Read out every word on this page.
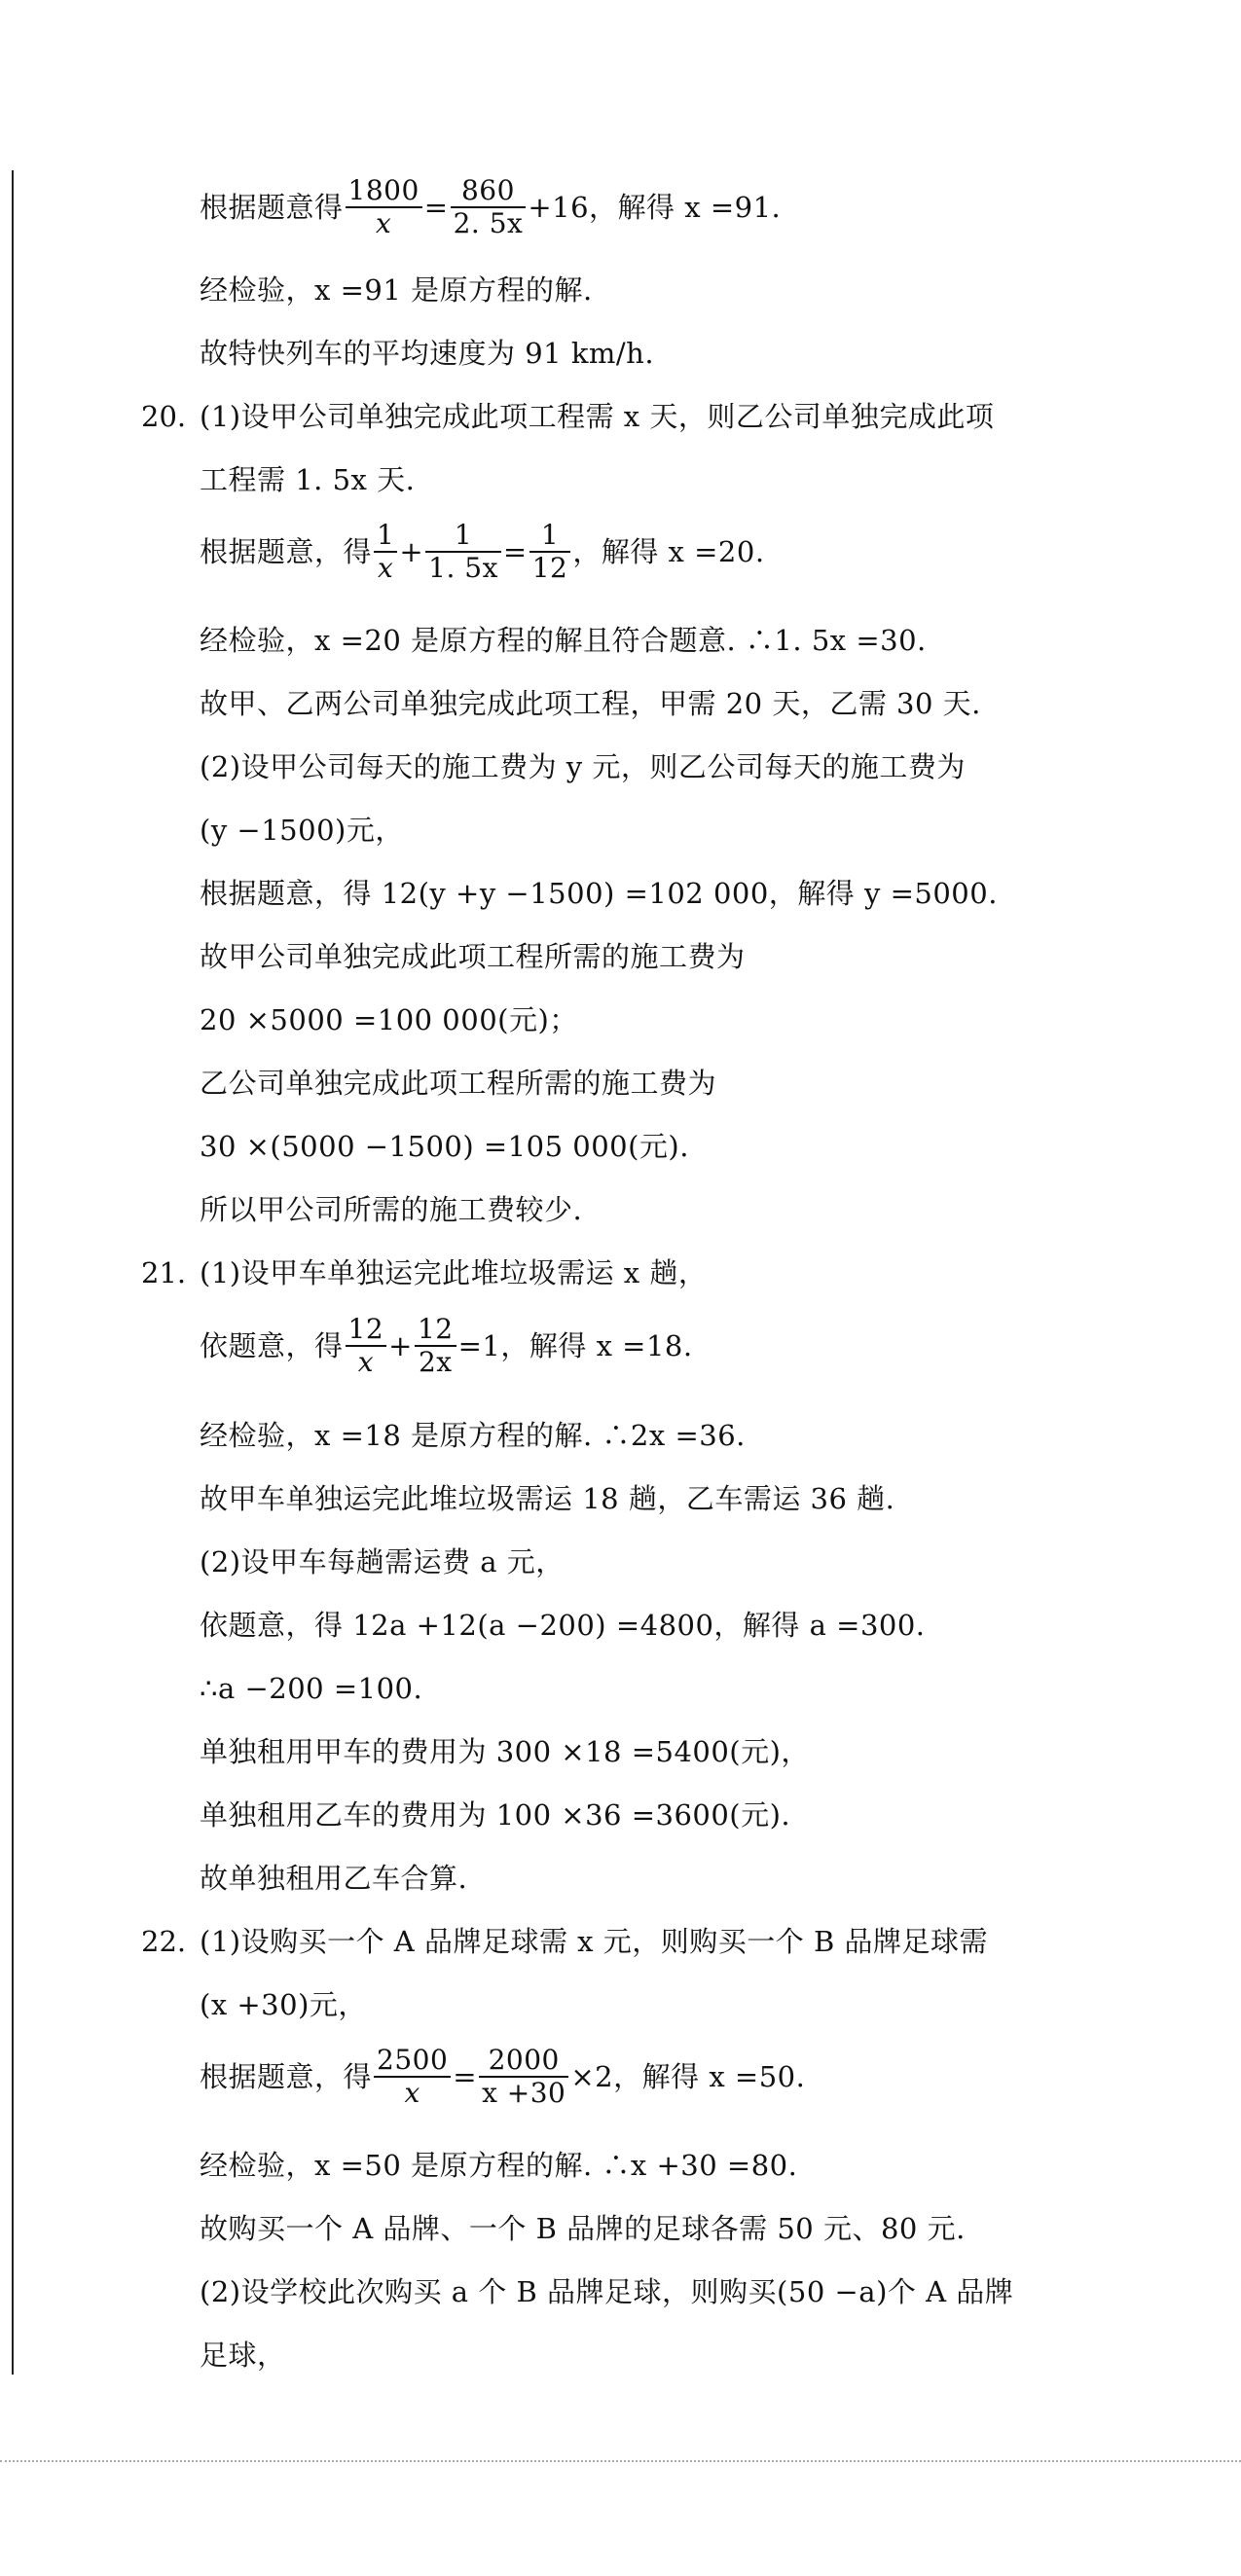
根据题意得 $\frac{1800}{x} = \frac{860}{2. 5x} +16$，解得 x =91.
经检验，x =91 是原方程的解.
故特快列车的平均速度为 91 km/h.
20. (1)设甲公司单独完成此项工程需 x 天，则乙公司单独完成此项
工程需 1. 5x 天.
根据题意，得 $\frac{1}{x} + \frac{1}{1. 5x} = \frac{1}{12}$ ，解得 x =20.
经检验，x =20 是原方程的解且符合题意. ∴1. 5x =30.
故甲、乙两公司单独完成此项工程，甲需 20 天，乙需 30 天.
(2)设甲公司每天的施工费为 y 元，则乙公司每天的施工费为
(y −1500)元，
根据题意，得 12(y +y −1500) =102 000，解得 y =5000.
故甲公司单独完成此项工程所需的施工费为
20 ×5000 =100 000(元)；
乙公司单独完成此项工程所需的施工费为
30 ×(5000 −1500) =105 000(元).
所以甲公司所需的施工费较少.
21. (1)设甲车单独运完此堆垃圾需运 x 趟，
依题意，得 $\frac{12}{x} + \frac{12}{2x} =1$，解得 x =18.
经检验，x =18 是原方程的解. ∴2x =36.
故甲车单独运完此堆垃圾需运 18 趟，乙车需运 36 趟.
(2)设甲车每趟需运费 a 元，
依题意，得 12a +12(a −200) =4800，解得 a =300.
∴a −200 =100.
单独租用甲车的费用为 300 ×18 =5400(元)，
单独租用乙车的费用为 100 ×36 =3600(元).
故单独租用乙车合算.
22. (1)设购买一个 A 品牌足球需 x 元，则购买一个 B 品牌足球需
(x +30)元，
根据题意，得 $\frac{2500}{x} = \frac{2000}{x +30} \times 2$，解得 x =50.
经检验，x =50 是原方程的解. ∴x +30 =80.
故购买一个 A 品牌、一个 B 品牌的足球各需 50 元、80 元.
(2)设学校此次购买 a 个 B 品牌足球，则购买(50 −a)个 A 品牌
足球，
